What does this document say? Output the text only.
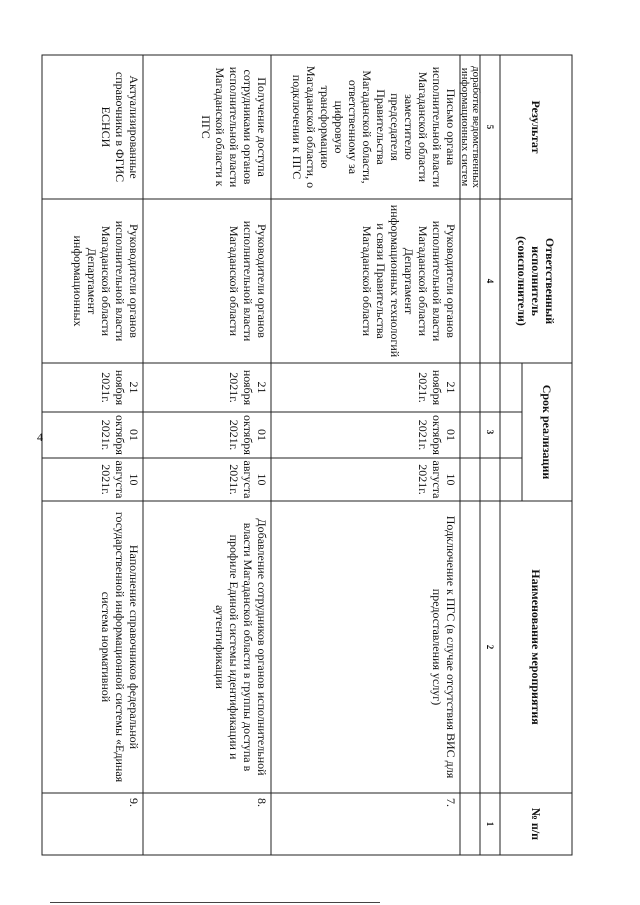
4
Результат
Ответственный исполнитель (соисполнители)
Срок реализации
Наименование мероприятия
№ п/п
5
4
3
2
1
доработке ведомственных информационных систем
Письмо органа исполнительной власти Магаданской области заместителю председателя Правительства Магаданской области, ответственному за цифровую трансформацию Магаданской области, о подключении к ПГС
Руководители органов исполнительной власти Магаданской области Департамент информационных технологий и связи Правительства Магаданской области
21 ноября 2021г.
01 октября 2021г.
10 августа 2021г.
Подключение к ПГС (в случае отсутствия ВИС для предоставления услуг)
7.
Получение доступа сотрудниками органов исполнительной власти Магаданской области к ПГС
Руководители органов исполнительной власти Магаданской области
21 ноября 2021г.
01 октября 2021г.
10 августа 2021г.
Добавление сотрудников органов исполнительной власти Магаданской области в группы доступа в профиле Единой системы идентификации и аутентификации
8.
Актуализированные справочники в ФГИС ЕСНСИ
Руководители органов исполнительной власти Магаданской области Департамент информационных
21 ноября 2021г.
01 октября 2021г.
10 августа 2021г.
Наполнение справочников федеральной государственной информационной системы «Единая система нормативной
9.
